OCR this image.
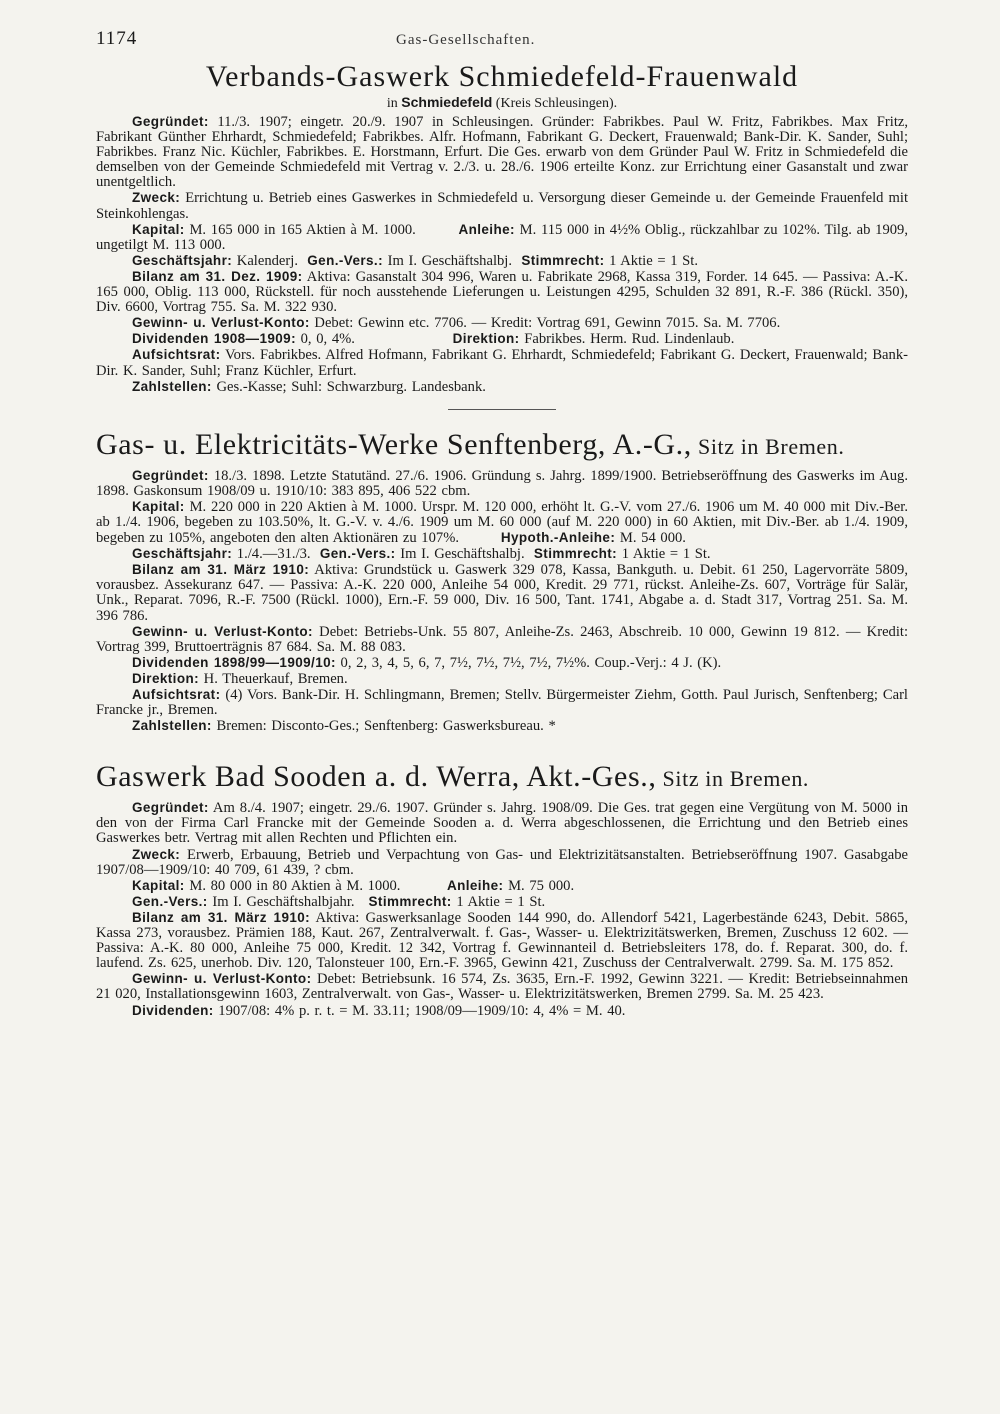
1174	Gas-Gesellschaften.
Verbands-Gaswerk Schmiedefeld-Frauenwald
in Schmiedefeld (Kreis Schleusingen).

Gegründet: 11./3. 1907; eingetr. 20./9. 1907 in Schleusingen. Gründer: Fabrikbes. Paul W. Fritz, Fabrikbes. Max Fritz, Fabrikant Günther Ehrhardt, Schmiedefeld; Fabrikbes. Alfr. Hofmann, Fabrikant G. Deckert, Frauenwald; Bank-Dir. K. Sander, Suhl; Fabrikbes. Franz Nic. Küchler, Fabrikbes. E. Horstmann, Erfurt. Die Ges. erwarb von dem Gründer Paul W. Fritz in Schmiedefeld die demselben von der Gemeinde Schmiedefeld mit Vertrag v. 2./3. u. 28./6. 1906 erteilte Konz. zur Errichtung einer Gasanstalt und zwar unentgeltlich.

Zweck: Errichtung u. Betrieb eines Gaswerkes in Schmiedefeld u. Versorgung dieser Gemeinde u. der Gemeinde Frauenfeld mit Steinkohlengas.

Kapital: M. 165 000 in 165 Aktien à M. 1000.	Anleihe: M. 115 000 in 4½% Oblig., rückzahlbar zu 102%. Tilg. ab 1909, ungetilgt M. 113 000.

Geschäftsjahr: Kalenderj. Gen.-Vers.: Im I. Geschäftshalbj. Stimmrecht: 1 Aktie = 1 St.

Bilanz am 31. Dez. 1909: Aktiva: Gasanstalt 304 996, Waren u. Fabrikate 2968, Kassa 319, Forder. 14 645. — Passiva: A.-K. 165 000, Oblig. 113 000, Rückstell. für noch ausstehende Lieferungen u. Leistungen 4295, Schulden 32 891, R.-F. 386 (Rückl. 350), Div. 6600, Vortrag 755. Sa. M. 322 930.

Gewinn- u. Verlust-Konto: Debet: Gewinn etc. 7706. — Kredit: Vortrag 691, Gewinn 7015. Sa. M. 7706.

Dividenden 1908—1909: 0, 0, 4%.	Direktion: Fabrikbes. Herm. Rud. Lindenlaub.

Aufsichtsrat: Vors. Fabrikbes. Alfred Hofmann, Fabrikant G. Ehrhardt, Schmiedefeld; Fabrikant G. Deckert, Frauenwald; Bank-Dir. K. Sander, Suhl; Franz Küchler, Erfurt.

Zahlstellen: Ges.-Kasse; Suhl: Schwarzburg. Landesbank.

Gas- u. Elektricitäts-Werke Senftenberg, A.-G., Sitz in Bremen.

Gegründet: 18./3. 1898. Letzte Statutänd. 27./6. 1906. Gründung s. Jahrg. 1899/1900. Betriebseröffnung des Gaswerks im Aug. 1898. Gaskonsum 1908/09 u. 1910/10: 383 895, 406 522 cbm.

Kapital: M. 220 000 in 220 Aktien à M. 1000. Urspr. M. 120 000, erhöht lt. G.-V. vom 27./6. 1906 um M. 40 000 mit Div.-Ber. ab 1./4. 1906, begeben zu 103.50%, lt. G.-V. v. 4./6. 1909 um M. 60 000 (auf M. 220 000) in 60 Aktien, mit Div.-Ber. ab 1./4. 1909, begeben zu 105%, angeboten den alten Aktionären zu 107%.	Hypoth.-Anleihe: M. 54 000.

Geschäftsjahr: 1./4.—31./3. Gen.-Vers.: Im I. Geschäftshalbj. Stimmrecht: 1 Aktie = 1 St.

Bilanz am 31. März 1910: Aktiva: Grundstück u. Gaswerk 329 078, Kassa, Bankguth. u. Debit. 61 250, Lagervorräte 5809, vorausbez. Assekuranz 647. — Passiva: A.-K. 220 000, Anleihe 54 000, Kredit. 29 771, rückst. Anleihe-Zs. 607, Vorträge für Salär, Unk., Reparat. 7096, R.-F. 7500 (Rückl. 1000), Ern.-F. 59 000, Div. 16 500, Tant. 1741, Abgabe a. d. Stadt 317, Vortrag 251. Sa. M. 396 786.

Gewinn- u. Verlust-Konto: Debet: Betriebs-Unk. 55 807, Anleihe-Zs. 2463, Abschreib. 10 000, Gewinn 19 812. — Kredit: Vortrag 399, Bruttoerträgnis 87 684. Sa. M. 88 083.

Dividenden 1898/99—1909/10: 0, 2, 3, 4, 5, 6, 7, 7½, 7½, 7½, 7½, 7½%. Coup.-Verj.: 4 J. (K).

Direktion: H. Theuerkauf, Bremen.

Aufsichtsrat: (4) Vors. Bank-Dir. H. Schlingmann, Bremen; Stellv. Bürgermeister Ziehm, Gotth. Paul Jurisch, Senftenberg; Carl Francke jr., Bremen.

Zahlstellen: Bremen: Disconto-Ges.; Senftenberg: Gaswerksbureau. *

Gaswerk Bad Sooden a. d. Werra, Akt.-Ges., Sitz in Bremen.

Gegründet: Am 8./4. 1907; eingetr. 29./6. 1907. Gründer s. Jahrg. 1908/09. Die Ges. trat gegen eine Vergütung von M. 5000 in den von der Firma Carl Francke mit der Gemeinde Sooden a. d. Werra abgeschlossenen, die Errichtung und den Betrieb eines Gaswerkes betr. Vertrag mit allen Rechten und Pflichten ein.

Zweck: Erwerb, Erbauung, Betrieb und Verpachtung von Gas- und Elektrizitätsanstalten. Betriebseröffnung 1907. Gasabgabe 1907/08—1909/10: 40 709, 61 439, ? cbm.

Kapital: M. 80 000 in 80 Aktien à M. 1000.	Anleihe: M. 75 000.

Gen.-Vers.: Im I. Geschäftshalbjahr. Stimmrecht: 1 Aktie = 1 St.

Bilanz am 31. März 1910: Aktiva: Gaswerksanlage Sooden 144 990, do. Allendorf 5421, Lagerbestände 6243, Debit. 5865, Kassa 273, vorausbez. Prämien 188, Kaut. 267, Zentralverwalt. f. Gas-, Wasser- u. Elektrizitätswerken, Bremen, Zuschuss 12 602. — Passiva: A.-K. 80 000, Anleihe 75 000, Kredit. 12 342, Vortrag f. Gewinnanteil d. Betriebsleiters 178, do. f. Reparat. 300, do. f. laufend. Zs. 625, unerhob. Div. 120, Talonsteuer 100, Ern.-F. 3965, Gewinn 421, Zuschuss der Centralverwalt. 2799. Sa. M. 175 852.

Gewinn- u. Verlust-Konto: Debet: Betriebsunk. 16 574, Zs. 3635, Ern.-F. 1992, Gewinn 3221. — Kredit: Betriebseinnahmen 21 020, Installationsgewinn 1603, Zentralverwalt. von Gas-, Wasser- u. Elektrizitätswerken, Bremen 2799. Sa. M. 25 423.

Dividenden: 1907/08: 4% p. r. t. = M. 33.11; 1908/09—1909/10: 4, 4% = M. 40.
